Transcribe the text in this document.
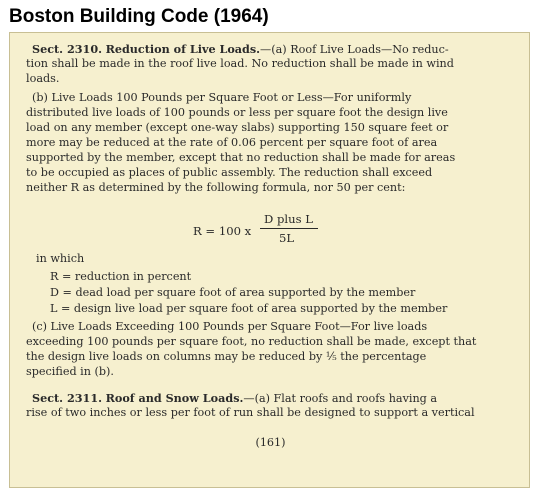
Boston Building Code (1964)
Sect. 2310. Reduction of Live Loads.—(a) Roof Live Loads—No reduc-
tion shall be made in the roof live load. No reduction shall be made in wind
loads.
(b) Live Loads 100 Pounds per Square Foot or Less—For uniformly
distributed live loads of 100 pounds or less per square foot the design live
load on any member (except one-way slabs) supporting 150 square feet or
more may be reduced at the rate of 0.06 percent per square foot of area
supported by the member, except that no reduction shall be made for areas
to be occupied as places of public assembly. The reduction shall exceed
neither R as determined by the following formula, nor 50 per cent:
R = 100 x
D plus L
5L
in which
R = reduction in percent
D = dead load per square foot of area supported by the member
L = design live load per square foot of area supported by the member
(c) Live Loads Exceeding 100 Pounds per Square Foot—For live loads
exceeding 100 pounds per square foot, no reduction shall be made, except that
the design live loads on columns may be reduced by ⅕ the percentage
specified in (b).
Sect. 2311. Roof and Snow Loads.—(a) Flat roofs and roofs having a
rise of two inches or less per foot of run shall be designed to support a vertical
(161)
